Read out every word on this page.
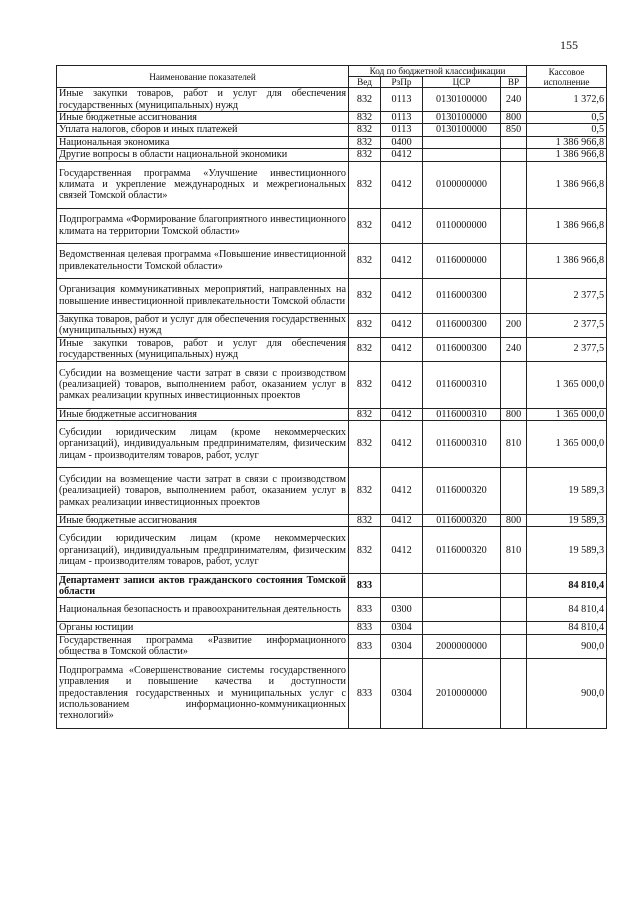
155
Наименование показателей	Код по бюджетной классификации				Кассовое исполнение
	Вед	РзПр	ЦСР	ВР	
Иные закупки товаров, работ и услуг для обеспечения государственных (муниципальных) нужд	832	0113	0130100000	240	1 372,6
Иные бюджетные ассигнования	832	0113	0130100000	800	0,5
Уплата налогов, сборов и иных платежей	832	0113	0130100000	850	0,5
Национальная экономика	832	0400			1 386 966,8
Другие вопросы в области национальной экономики	832	0412			1 386 966,8
Государственная программа «Улучшение инвестиционного климата и укрепление международных и межрегиональных связей Томской области»	832	0412	0100000000		1 386 966,8
Подпрограмма «Формирование благоприятного инвестиционного климата на территории Томской области»	832	0412	0110000000		1 386 966,8
Ведомственная целевая программа «Повышение инвестиционной привлекательности Томской области»	832	0412	0116000000		1 386 966,8
Организация коммуникативных мероприятий, направленных на повышение инвестиционной привлекательности Томской области	832	0412	0116000300		2 377,5
Закупка товаров, работ и услуг для обеспечения государственных (муниципальных) нужд	832	0412	0116000300	200	2 377,5
Иные закупки товаров, работ и услуг для обеспечения государственных (муниципальных) нужд	832	0412	0116000300	240	2 377,5
Субсидии на возмещение части затрат в связи с производством (реализацией) товаров, выполнением работ, оказанием услуг в рамках реализации крупных инвестиционных проектов	832	0412	0116000310		1 365 000,0
Иные бюджетные ассигнования	832	0412	0116000310	800	1 365 000,0
Субсидии юридическим лицам (кроме некоммерческих организаций), индивидуальным предпринимателям, физическим лицам - производителям товаров, работ, услуг	832	0412	0116000310	810	1 365 000,0
Субсидии на возмещение части затрат в связи с производством (реализацией) товаров, выполнением работ, оказанием услуг в рамках реализации инвестиционных проектов	832	0412	0116000320		19 589,3
Иные бюджетные ассигнования	832	0412	0116000320	800	19 589,3
Субсидии юридическим лицам (кроме некоммерческих организаций), индивидуальным предпринимателям, физическим лицам - производителям товаров, работ, услуг	832	0412	0116000320	810	19 589,3
Департамент записи актов гражданского состояния Томской области	833				84 810,4
Национальная безопасность и правоохранительная деятельность	833	0300			84 810,4
Органы юстиции	833	0304			84 810,4
Государственная программа «Развитие информационного общества в Томской области»	833	0304	2000000000		900,0
Подпрограмма «Совершенствование системы государственного управления и повышение качества и доступности предоставления государственных и муниципальных услуг с использованием информационно-коммуникационных технологий»	833	0304	2010000000		900,0
